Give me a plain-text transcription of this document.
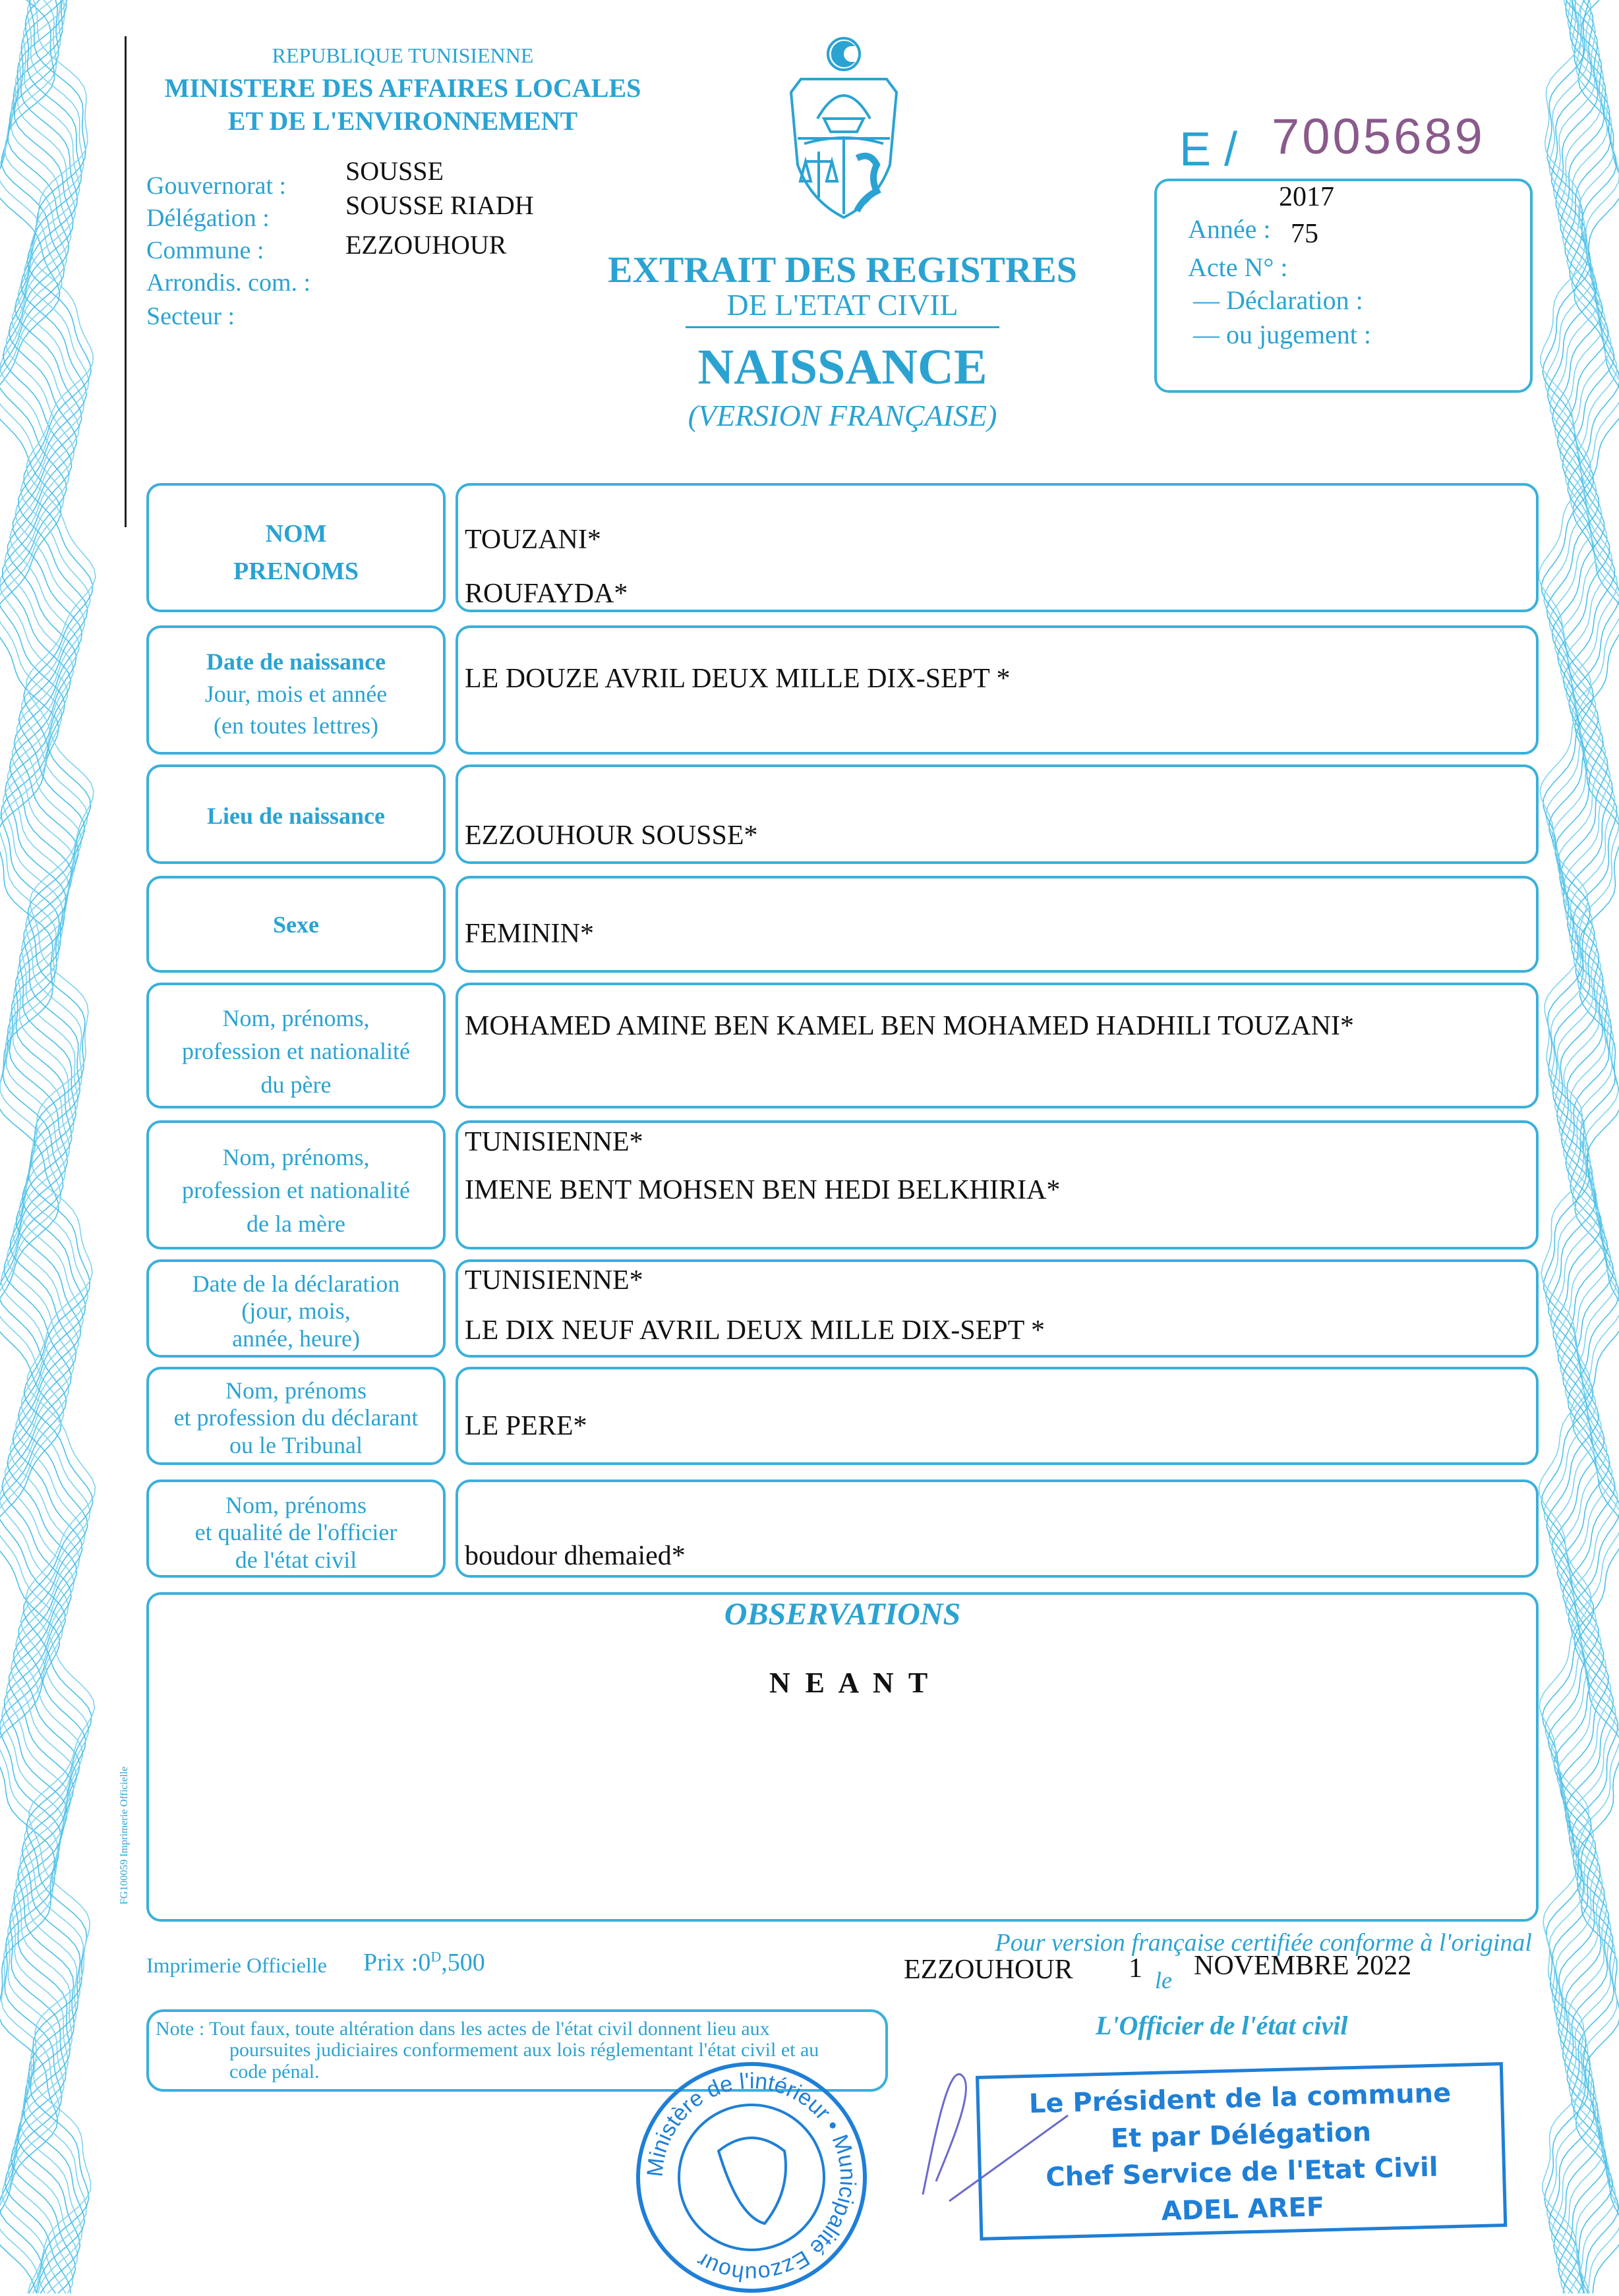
REPUBLIQUE TUNISIENNE
MINISTERE DES AFFAIRES LOCALES
ET DE L'ENVIRONNEMENT
Gouvernorat :
Délégation :
Commune :
Arrondis. com. :
Secteur :
SOUSSE
SOUSSE RIADH
EZZOUHOUR
EXTRAIT DES REGISTRES
DE L'ETAT CIVIL
NAISSANCE
(VERSION FRANÇAISE)
E / 7005689
2017
Année : 75
Acte N° :
— Déclaration :
— ou jugement :
NOM
PRENOMS
Date de naissance
Jour, mois et année
(en toutes lettres)
Lieu de naissance
Sexe
Nom, prénoms,
profession et nationalité
du père
Nom, prénoms,
profession et nationalité
de la mère
Date de la déclaration
(jour, mois,
année, heure)
Nom, prénoms
et profession du déclarant
ou le Tribunal
Nom, prénoms
et qualité de l'officier
de l'état civil
TOUZANI*
ROUFAYDA*
LE DOUZE AVRIL DEUX MILLE DIX-SEPT *
EZZOUHOUR SOUSSE*
FEMININ*
MOHAMED AMINE BEN KAMEL BEN MOHAMED HADHILI TOUZANI*
TUNISIENNE*
IMENE BENT MOHSEN BEN HEDI BELKHIRIA*
TUNISIENNE*
LE DIX NEUF AVRIL DEUX MILLE DIX-SEPT *
LE PERE*
boudour dhemaied*
OBSERVATIONS
N E A N T
FG100059 Imprimerie Officielle
Pour version française certifiée conforme à l'original
Imprimerie Officielle Prix $:0^D,500$	EZZOUHOUR 1 le NOVEMBRE 2022
Note : Tout faux, toute altération dans les actes de l'état civil donnent lieu aux
poursuites judiciaires conformement aux lois réglementant l'état civil et au
code pénal.
L'Officier de l'état civil
Ministère de l'intérieur • Municipalité Ezzouhour
Le Président de la commune
Et par Délégation
Chef Service de l'Etat Civil
ADEL AREF
